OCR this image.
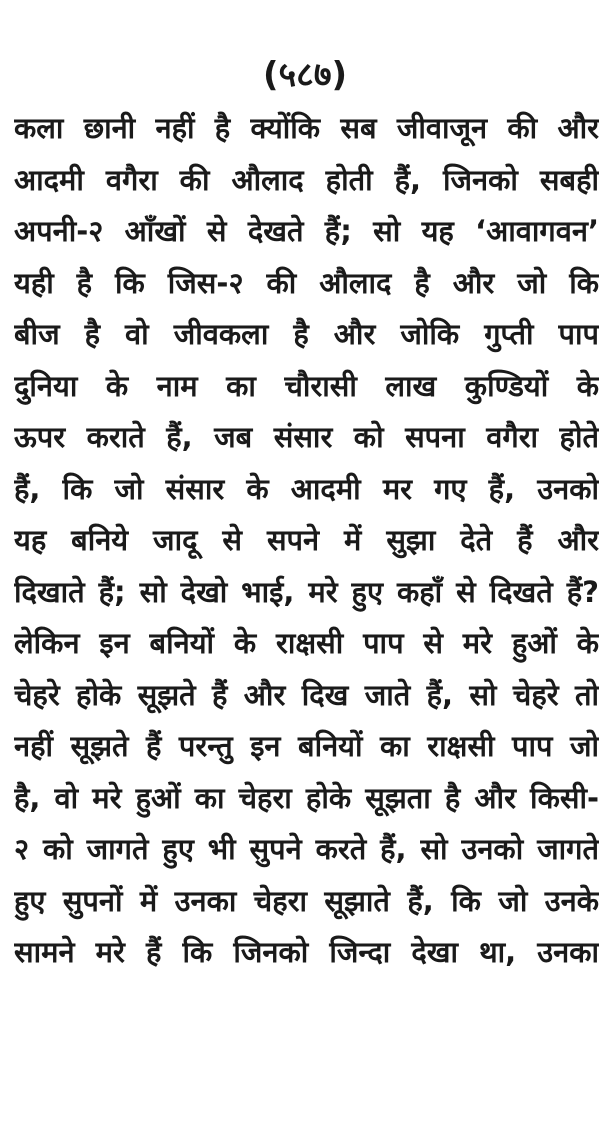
(५८७)
कला छानी नहीं है क्योंकि सब जीवाजून की और
आदमी वगैरा की औलाद होती हैं, जिनको सबही
अपनी-२ आँखों से देखते हैं; सो यह ‘आवागवन’
यही है कि जिस-२ की औलाद है और जो कि
बीज है वो जीवकला है और जोकि गुप्ती पाप
दुनिया के नाम का चौरासी लाख कुण्डियों के
ऊपर कराते हैं, जब संसार को सपना वगैरा होते
हैं, कि जो संसार के आदमी मर गए हैं, उनको
यह बनिये जादू से सपने में सुझा देते हैं और
दिखाते हैं; सो देखो भाई, मरे हुए कहाँ से दिखते हैं?
लेकिन इन बनियों के राक्षसी पाप से मरे हुओं के
चेहरे होके सूझते हैं और दिख जाते हैं, सो चेहरे तो
नहीं सूझते हैं परन्तु इन बनियों का राक्षसी पाप जो
है, वो मरे हुओं का चेहरा होके सूझता है और किसी-
२ को जागते हुए भी सुपने करते हैं, सो उनको जागते
हुए सुपनों में उनका चेहरा सूझाते हैं, कि जो उनके
सामने मरे हैं कि जिनको जिन्दा देखा था, उनका
